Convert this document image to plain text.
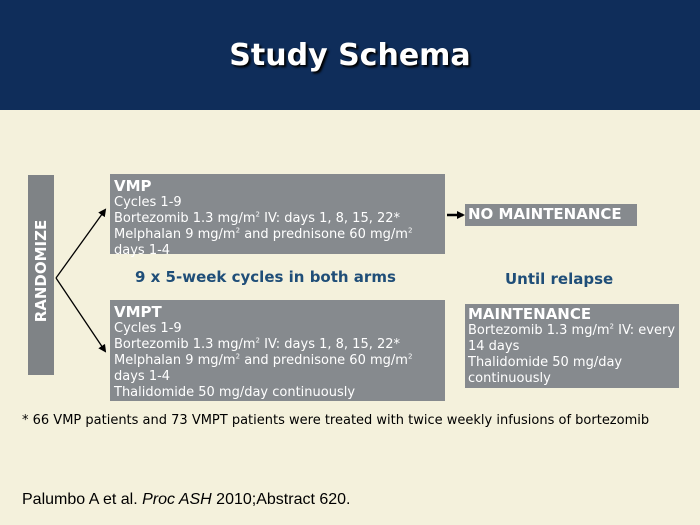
Study Schema
RANDOMIZE
VMP
Cycles 1-9
Bortezomib 1.3 $mg/m^2$ IV: days 1, 8, 15, 22*
Melphalan 9 $mg/m^2$ and prednisone 60 $mg/m^2$
days 1-4
9 x 5-week cycles in both arms	Until relapse
VMPT
Cycles 1-9
Bortezomib 1.3 $mg/m^2$ IV: days 1, 8, 15, 22*
Melphalan 9 $mg/m^2$ and prednisone 60 $mg/m^2$
days 1-4
Thalidomide 50 mg/day continuously
NO MAINTENANCE
MAINTENANCE
Bortezomib 1.3 $mg/m^2$ IV: every
14 days
Thalidomide 50 mg/day
continuously
* 66 VMP patients and 73 VMPT patients were treated with twice weekly infusions of bortezomib
Palumbo A et al. Proc ASH 2010;Abstract 620.
